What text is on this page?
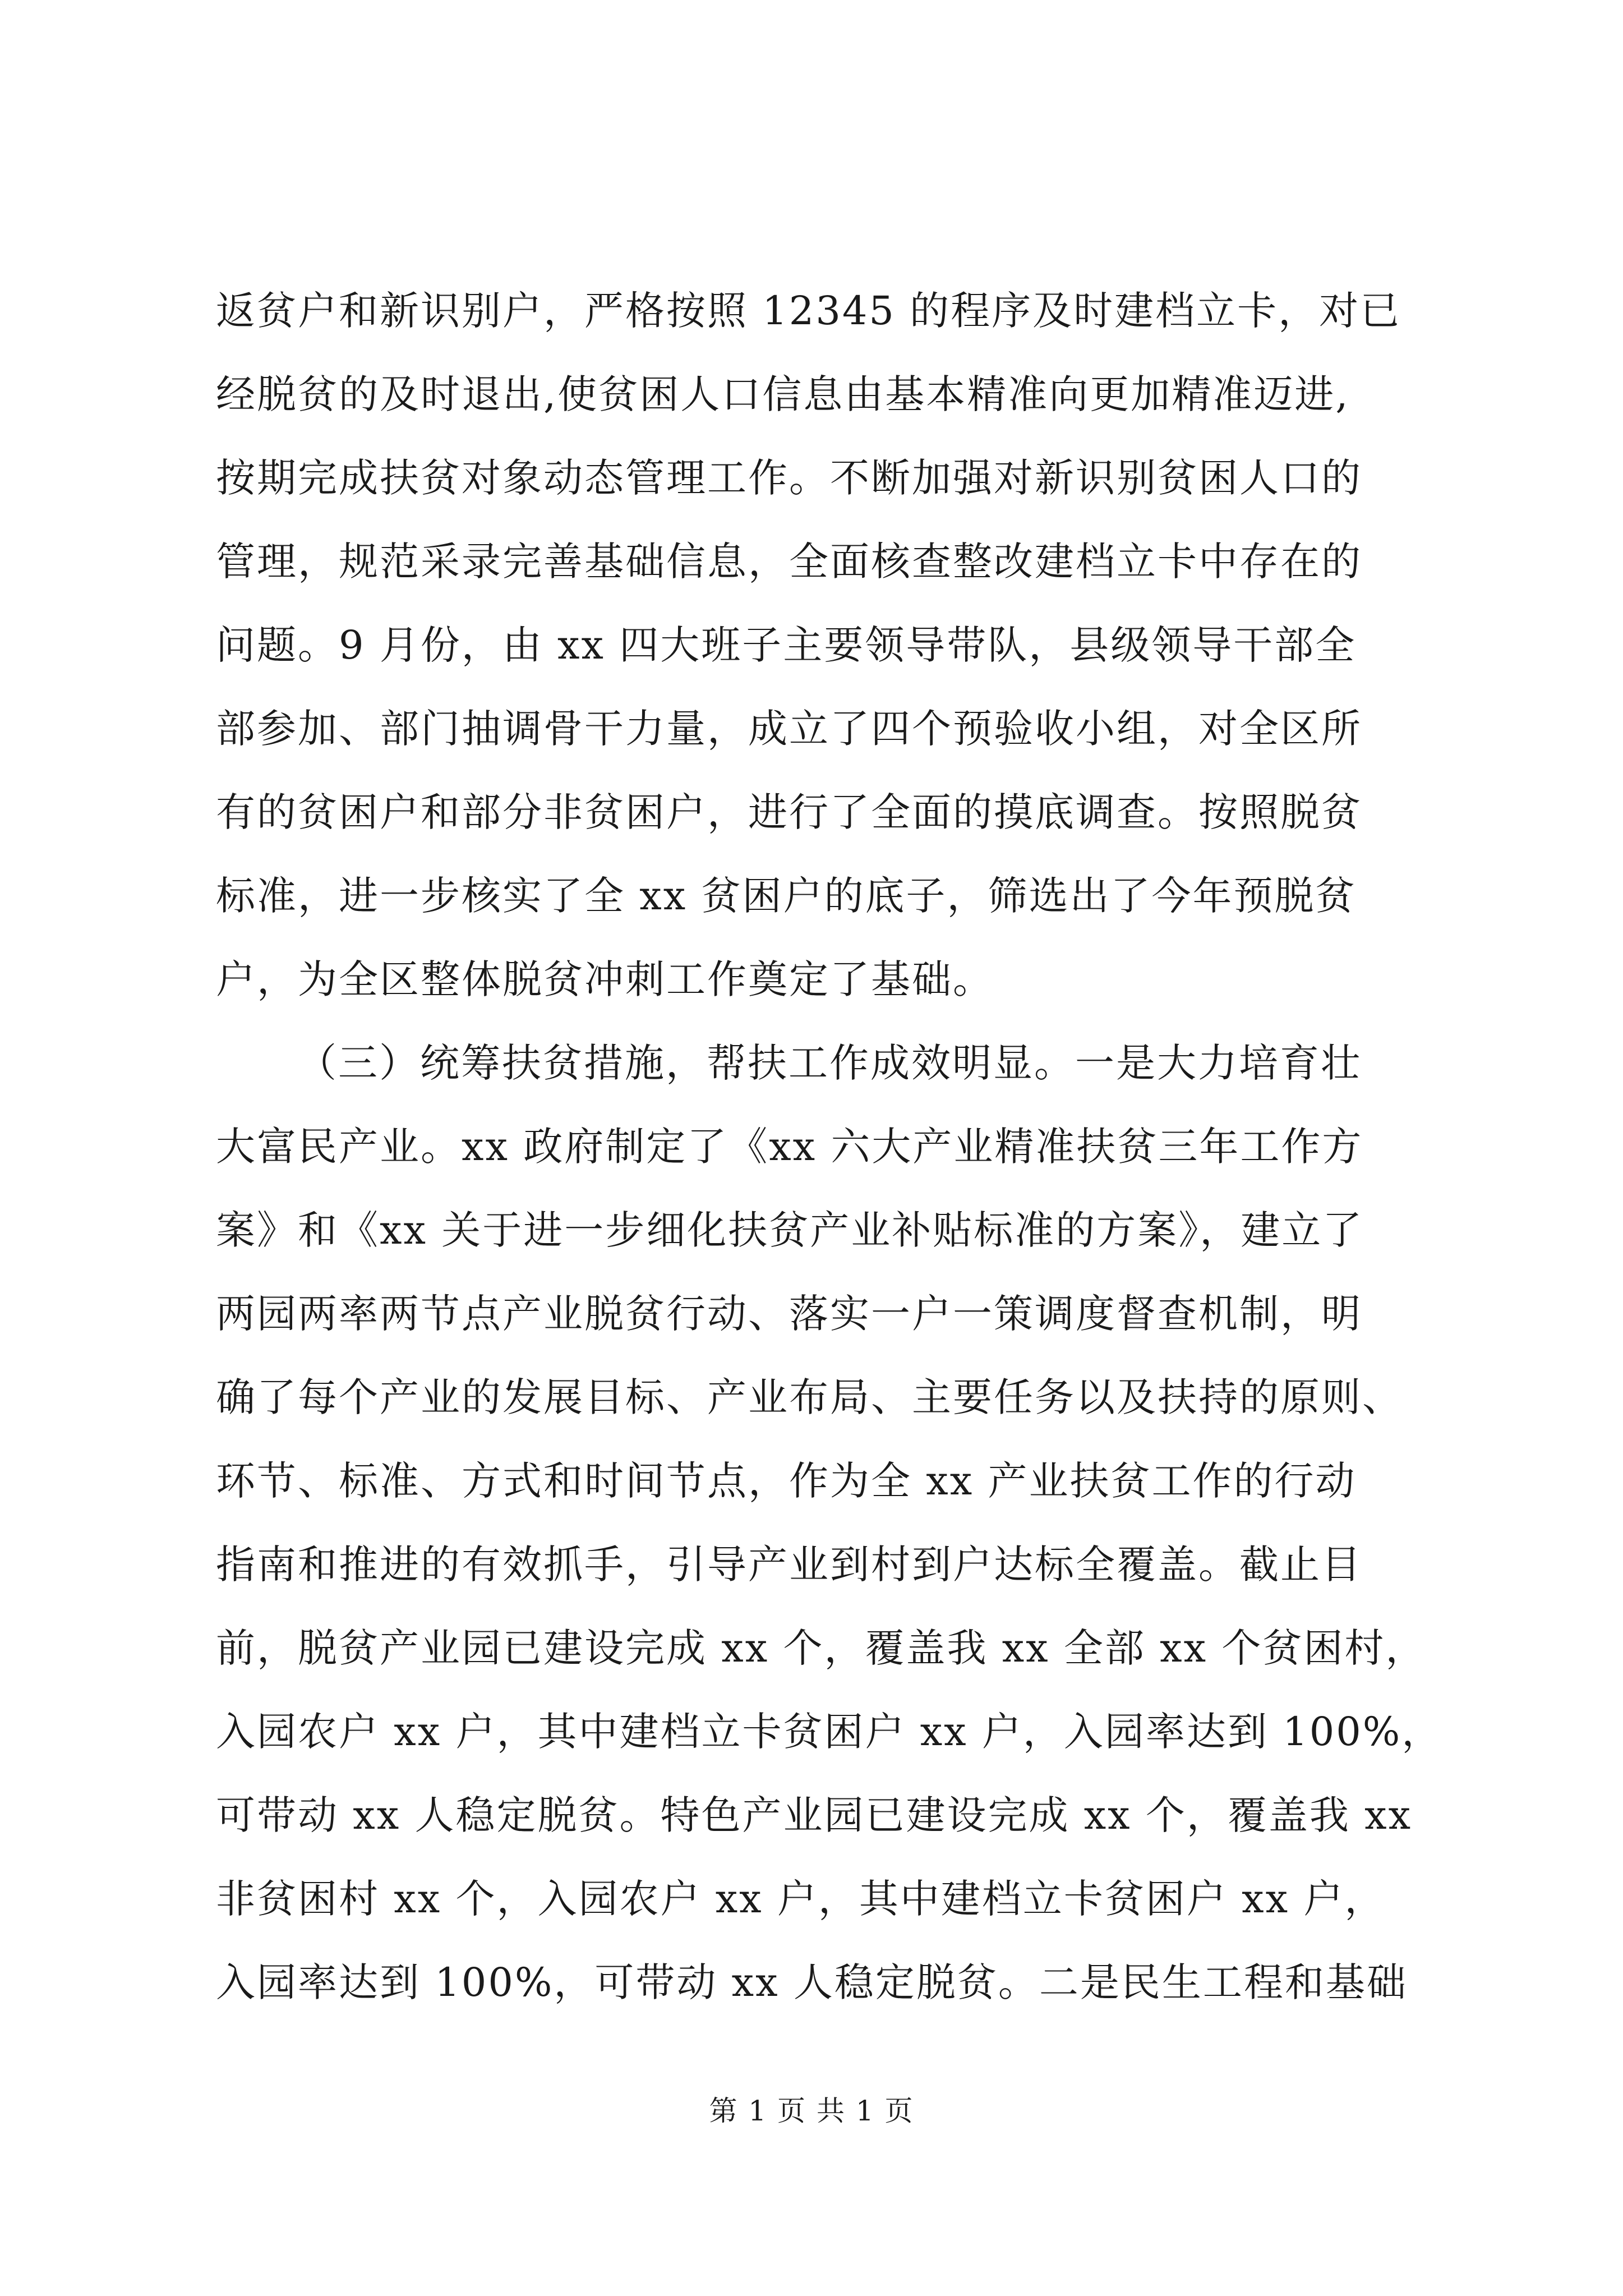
返贫户和新识别户，严格按照 12345 的程序及时建档立卡，对已
经脱贫的及时退出,使贫困人口信息由基本精准向更加精准迈进,
按期完成扶贫对象动态管理工作。不断加强对新识别贫困人口的
管理，规范采录完善基础信息，全面核查整改建档立卡中存在的
问题。9 月份，由 xx 四大班子主要领导带队，县级领导干部全
部参加、部门抽调骨干力量，成立了四个预验收小组，对全区所
有的贫困户和部分非贫困户，进行了全面的摸底调查。按照脱贫
标准，进一步核实了全 xx 贫困户的底子，筛选出了今年预脱贫
户，为全区整体脱贫冲刺工作奠定了基础。
（三）统筹扶贫措施，帮扶工作成效明显。一是大力培育壮
大富民产业。xx 政府制定了《xx 六大产业精准扶贫三年工作方
案》和《xx 关于进一步细化扶贫产业补贴标准的方案》，建立了
两园两率两节点产业脱贫行动、落实一户一策调度督查机制，明
确了每个产业的发展目标、产业布局、主要任务以及扶持的原则、
环节、标准、方式和时间节点，作为全 xx 产业扶贫工作的行动
指南和推进的有效抓手，引导产业到村到户达标全覆盖。截止目
前，脱贫产业园已建设完成 xx 个，覆盖我 xx 全部 xx 个贫困村，
入园农户 xx 户，其中建档立卡贫困户 xx 户，入园率达到 100%，
可带动 xx 人稳定脱贫。特色产业园已建设完成 xx 个，覆盖我 xx
非贫困村 xx 个，入园农户 xx 户，其中建档立卡贫困户 xx 户，
入园率达到 100%，可带动 xx 人稳定脱贫。二是民生工程和基础
第 1 页 共 1 页
